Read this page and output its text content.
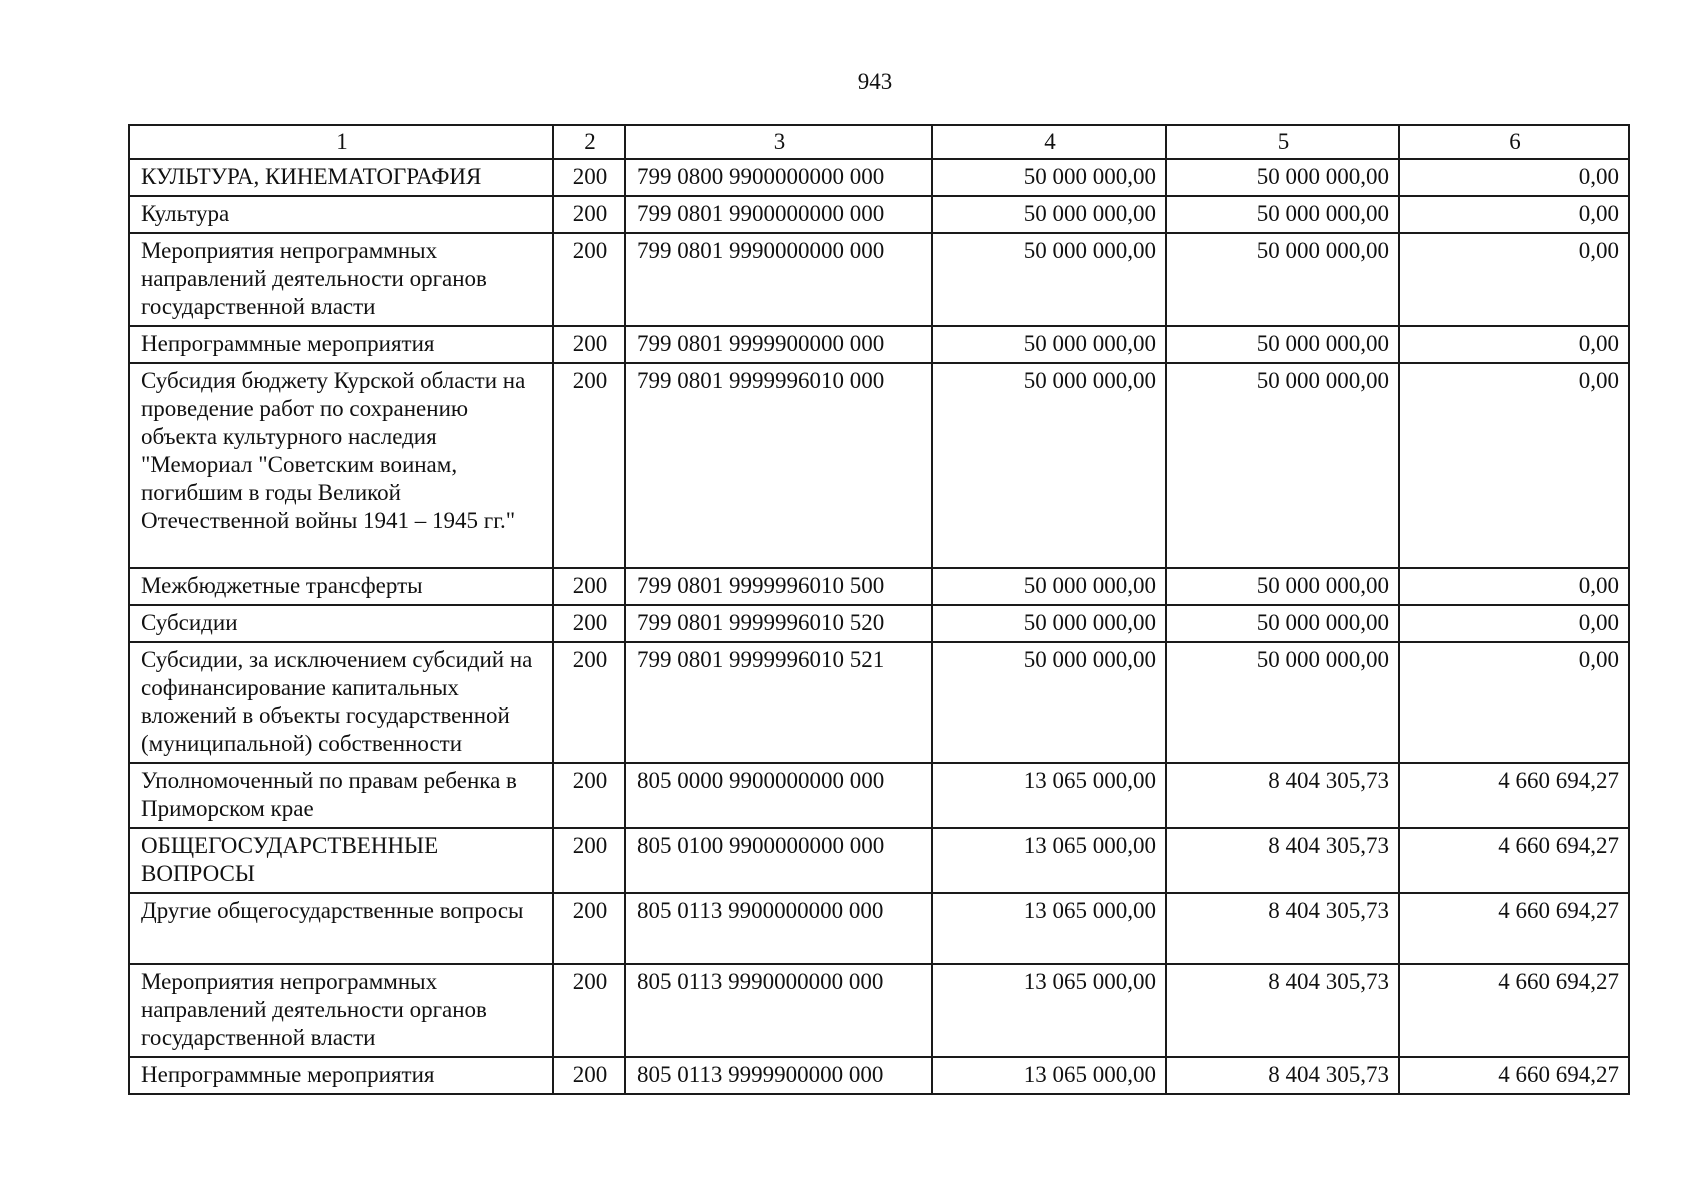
943
1	2	3	4	5	6
КУЛЬТУРА, КИНЕМАТОГРАФИЯ	200	799 0800 9900000000 000	50 000 000,00	50 000 000,00	0,00
Культура	200	799 0801 9900000000 000	50 000 000,00	50 000 000,00	0,00
Мероприятия непрограммных направлений деятельности органов государственной власти	200	799 0801 9990000000 000	50 000 000,00	50 000 000,00	0,00
Непрограммные мероприятия	200	799 0801 9999900000 000	50 000 000,00	50 000 000,00	0,00
Субсидия бюджету Курской области на проведение работ по сохранению объекта культурного наследия "Мемориал "Советским воинам, погибшим в годы Великой Отечественной войны 1941 – 1945 гг."	200	799 0801 9999996010 000	50 000 000,00	50 000 000,00	0,00
Межбюджетные трансферты	200	799 0801 9999996010 500	50 000 000,00	50 000 000,00	0,00
Субсидии	200	799 0801 9999996010 520	50 000 000,00	50 000 000,00	0,00
Субсидии, за исключением субсидий на софинансирование капитальных вложений в объекты государственной (муниципальной) собственности	200	799 0801 9999996010 521	50 000 000,00	50 000 000,00	0,00
Уполномоченный по правам ребенка в Приморском крае	200	805 0000 9900000000 000	13 065 000,00	8 404 305,73	4 660 694,27
ОБЩЕГОСУДАРСТВЕННЫЕ ВОПРОСЫ	200	805 0100 9900000000 000	13 065 000,00	8 404 305,73	4 660 694,27
Другие общегосударственные вопросы	200	805 0113 9900000000 000	13 065 000,00	8 404 305,73	4 660 694,27
Мероприятия непрограммных направлений деятельности органов государственной власти	200	805 0113 9990000000 000	13 065 000,00	8 404 305,73	4 660 694,27
Непрограммные мероприятия	200	805 0113 9999900000 000	13 065 000,00	8 404 305,73	4 660 694,27
